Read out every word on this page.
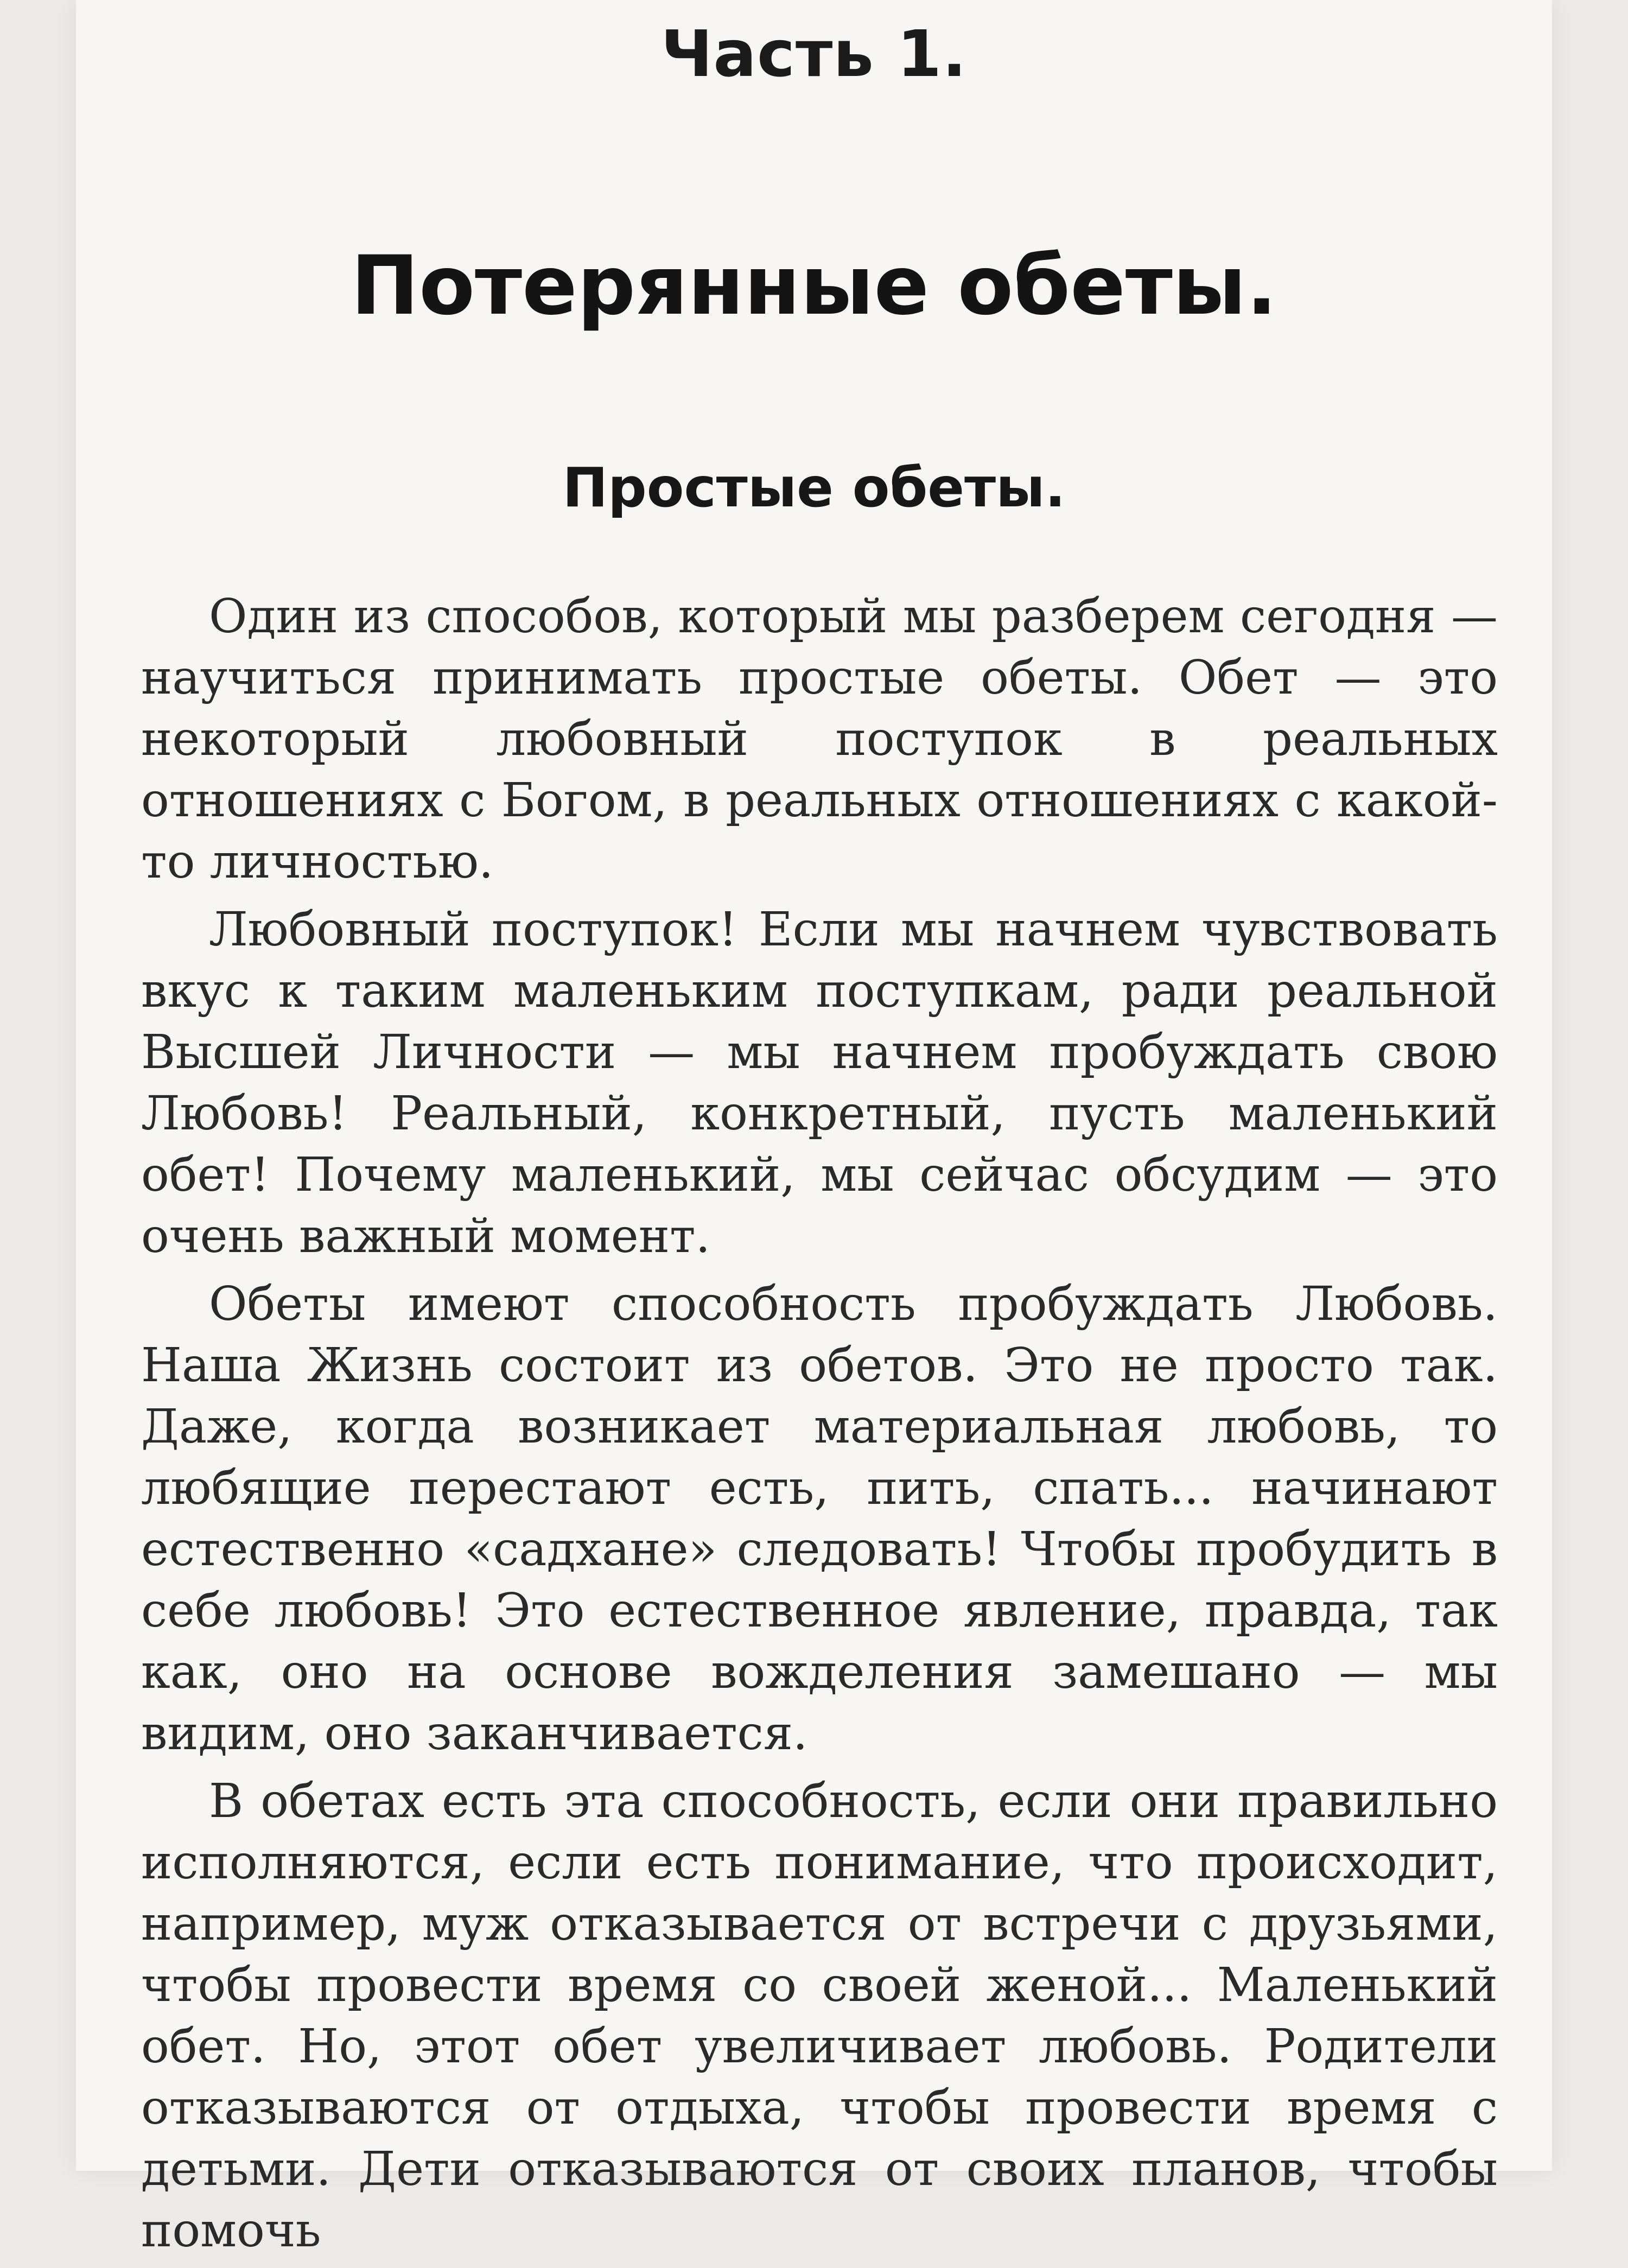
Часть 1.
Потерянные обеты.
Простые обеты.

Один из способов, который мы разберем сегодня — научиться принимать простые обеты. Обет — это некоторый любовный поступок в реальных отношениях с Богом, в реальных отношениях с какой-то личностью.

Любовный поступок! Если мы начнем чувствовать вкус к таким маленьким поступкам, ради реальной Высшей Личности — мы начнем пробуждать свою Любовь! Реальный, конкретный, пусть маленький обет! Почему маленький, мы сейчас обсудим — это очень важный момент.

Обеты имеют способность пробуждать Любовь. Наша Жизнь состоит из обетов. Это не просто так. Даже, когда возникает материальная любовь, то любящие перестают есть, пить, спать... начинают естественно «садхане» следовать! Чтобы пробудить в себе любовь! Это естественное явление, правда, так как, оно на основе вожделения замешано — мы видим, оно заканчивается.

В обетах есть эта способность, если они правильно исполняются, если есть понимание, что происходит, например, муж отказывается от встречи с друзьями, чтобы провести время со своей женой... Маленький обет. Но, этот обет увеличивает любовь. Родители отказываются от отдыха, чтобы провести время с детьми. Дети отказываются от своих планов, чтобы помочь
